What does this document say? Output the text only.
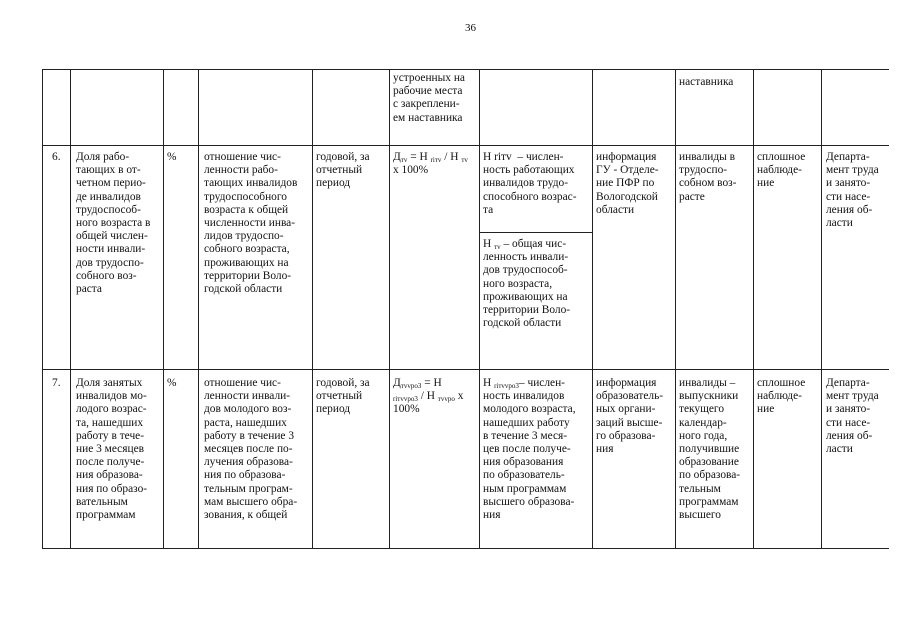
36
устроенных на
рабочие места
с закреплени-
ем наставника
наставника
6. Доля рабо-
тающих в от-
четном перио-
де инвалидов
трудоспособ-
ного возраста в
общей числен-
ности инвали-
дов трудоспо-
собного воз-
раста
% отношение чис-
ленности рабо-
тающих инвалидов
трудоспособного
возраста к общей
численности инва-
лидов трудоспо-
собного возраста,
проживающих на
территории Воло-
годской области
годовой, за
отчетный
период
$Д_{тv} = Н$ $_{rітv}$ / Н $_{тv}$
х 100%
Н rітv  – числен-
ность работающих
инвалидов трудо-
способного возрас-
та
Н $_{тv}$ – общая чис-
ленность инвали-
дов трудоспособ-
ного возраста,
проживающих на
территории Воло-
годской области
информация
ГУ - Отделе-
ние ПФР по
Вологодской
области
инвалиды в
трудоспо-
собном воз-
расте
сплошное
наблюде-
ние
Департа-
мент труда
и занято-
сти насе-
ления об-
ласти
7. Доля занятых
инвалидов мо-
лодого возрас-
та, нашедших
работу в тече-
ние 3 месяцев
после получе-
ния образова-
ния по образо-
вательным
программам
% отношение чис-
ленности инвали-
дов молодого воз-
раста, нашедших
работу в течение 3
месяцев после по-
лучения образова-
ния по образова-
тельным програм-
мам высшего обра-
зования, к общей
годовой, за
отчетный
период
$Д_{тvvро3} = Н$
$_{rітvvро3}$ / Н $_{тvvро}$ х
100%
Н $_{rітvvро3}$– числен-
ность инвалидов
молодого возраста,
нашедших работу
в течение 3 меся-
цев после получе-
ния образования
по образователь-
ным программам
высшего образова-
ния
информация
образователь-
ных органи-
заций высше-
го образова-
ния
инвалиды –
выпускники
текущего
календар-
ного года,
получившие
образование
по образова-
тельным
программам
высшего
сплошное
наблюде-
ние
Департа-
мент труда
и занято-
сти насе-
ления об-
ласти
